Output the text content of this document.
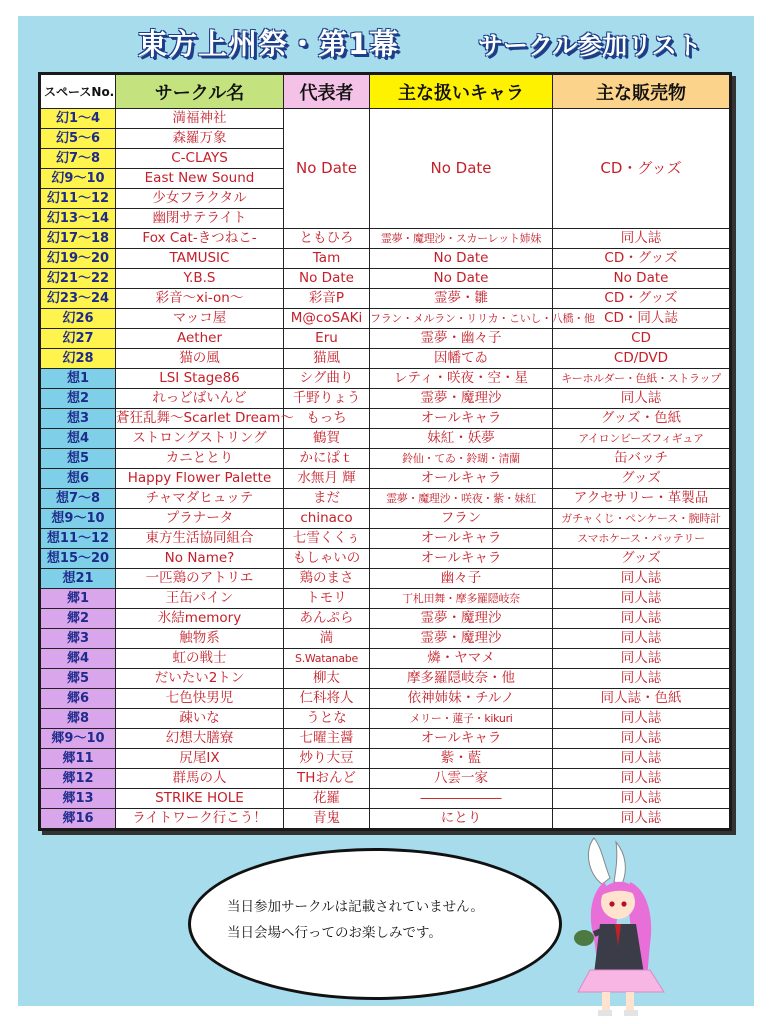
東方上州祭・第1幕	サークル参加リスト
スペースNo.	サークル名	代表者	主な扱いキャラ	主な販売物
幻1～4	満福神社	No Date	No Date	CD・グッズ
幻5～6	森羅万象			
幻7～8	C-CLAYS			
幻9～10	East New Sound			
幻11～12	少女フラクタル			
幻13～14	幽閉サテライト			
幻17～18	Fox Cat-きつねこ-	ともひろ	霊夢・魔理沙・スカーレット姉妹	同人誌
幻19～20	TAMUSIC	Tam	No Date	CD・グッズ
幻21～22	Y.B.S	No Date	No Date	No Date
幻23～24	彩音～xi-on～	彩音P	霊夢・雛	CD・グッズ
幻26	マッコ屋	M@coSAKi	フラン・メルラン・リリカ・こいし・八橋・他	CD・同人誌
幻27	Aether	Eru	霊夢・幽々子	CD
幻28	猫の風	猫風	因幡てゐ	CD/DVD
想1	LSI Stage86	シグ曲り	レティ・咲夜・空・星	キーホルダー・色紙・ストラップ
想2	れっどばいんど	千野りょう	霊夢・魔理沙	同人誌
想3	蒼狂乱舞～Scarlet Dream～	もっち	オールキャラ	グッズ・色紙
想4	ストロングストリング	鶴賀	妹紅・妖夢	アイロンビーズフィギュア
想5	カニととり	かにぱｔ	鈴仙・てゐ・鈴瑚・清蘭	缶バッチ
想6	Happy Flower Palette	水無月 輝	オールキャラ	グッズ
想7～8	チャマダヒュッテ	まだ	霊夢・魔理沙・咲夜・紫・妹紅	アクセサリー・革製品
想9～10	プラナータ	chinaco	フラン	ガチャくじ・ペンケース・腕時計
想11～12	東方生活協同組合	七雪くくぅ	オールキャラ	スマホケース・バッテリー
想15～20	No Name?	もしゃいの	オールキャラ	グッズ
想21	一匹鶏のアトリエ	鶏のまさ	幽々子	同人誌
郷1	王缶パイン	トモリ	丁札田舞・摩多羅隠岐奈	同人誌
郷2	氷結memory	あんぷら	霊夢・魔理沙	同人誌
郷3	触物系	満	霊夢・魔理沙	同人誌
郷4	虹の戦士	S.Watanabe	燐・ヤマメ	同人誌
郷5	だいたい2トン	柳太	摩多羅隠岐奈・他	同人誌
郷6	七色快男児	仁科将人	依神姉妹・チルノ	同人誌・色紙
郷8	疎いな	うとな	メリー・蓮子・kikuri	同人誌
郷9～10	幻想大膳寮	七曜主醤	オールキャラ	同人誌
郷11	尻尾IX	炒り大豆	紫・藍	同人誌
郷12	群馬の人	THおんど	八雲一家	同人誌
郷13	STRIKE HOLE	花羅	――――――	同人誌
郷16	ライトワーク行こう！	青鬼	にとり	同人誌

当日参加サークルは記載されていません。

当日会場へ行ってのお楽しみです。
